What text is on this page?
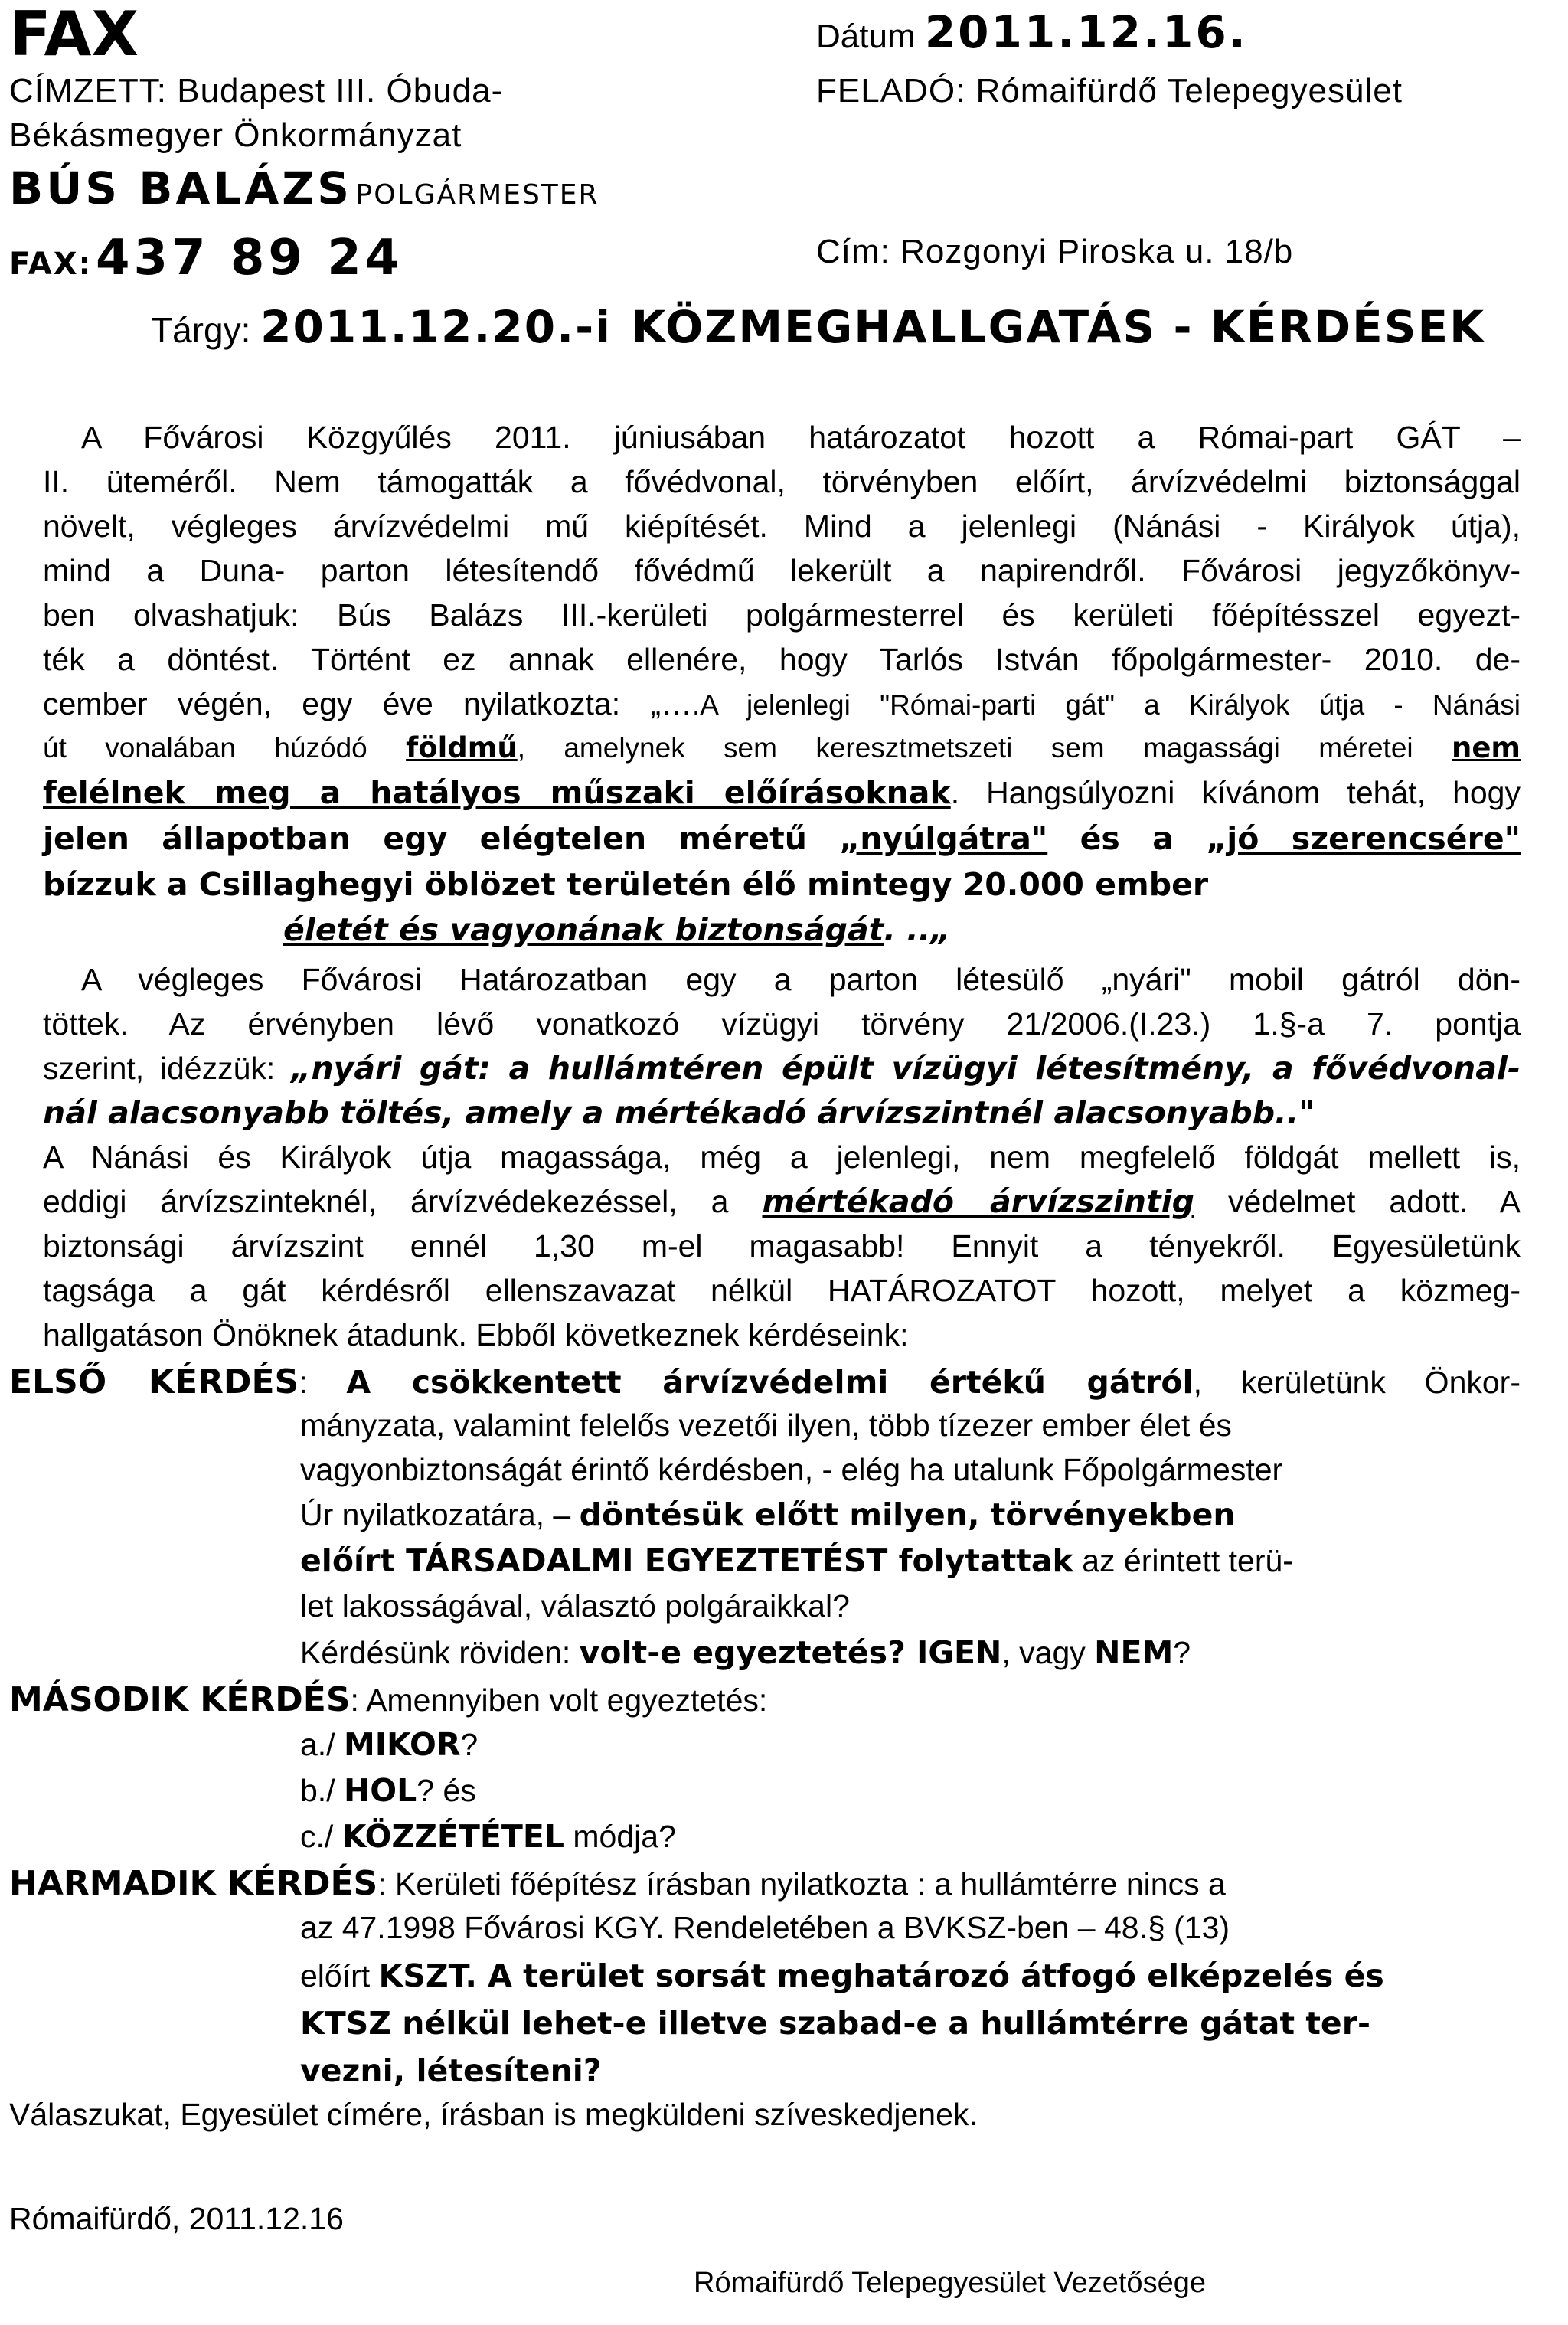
FAX	Dátum 2011.12.16.
CÍMZETT: Budapest III. Óbuda-	FELADÓ: Rómaifürdő Telepegyesület
Békásmegyer Önkormányzat
BÚS BALÁZS POLGÁRMESTER
FAX: 437 89 24	Cím: Rozgonyi Piroska u. 18/b
Tárgy: 2011.12.20.-i KÖZMEGHALLGATÁS - KÉRDÉSEK
A Fővárosi Közgyűlés 2011. júniusában határozatot hozott a Római-part GÁT –
II. üteméről. Nem támogatták a fővédvonal, törvényben előírt, árvízvédelmi biztonsággal
növelt, végleges árvízvédelmi mű kiépítését. Mind a jelenlegi (Nánási - Királyok útja),
mind a Duna- parton létesítendő fővédmű lekerült a napirendről. Fővárosi jegyzőkönyv-
ben olvashatjuk: Bús Balázs III.-kerületi polgármesterrel és kerületi főépítésszel egyezt-
ték a döntést. Történt ez annak ellenére, hogy Tarlós István főpolgármester- 2010. de-
cember végén, egy éve nyilatkozta: „….A jelenlegi "Római-parti gát" a Királyok útja - Nánási
út vonalában húzódó földmű, amelynek sem keresztmetszeti sem magassági méretei nem
felélnek meg a hatályos műszaki előírásoknak. Hangsúlyozni kívánom tehát, hogy
jelen állapotban egy elégtelen méretű „nyúlgátra" és a „jó szerencsére"
bízzuk a Csillaghegyi öblözet területén élő mintegy 20.000 ember
életét és vagyonának biztonságát. ..„
A végleges Fővárosi Határozatban egy a parton létesülő „nyári" mobil gátról dön-
töttek. Az érvényben lévő vonatkozó vízügyi törvény 21/2006.(I.23.) 1.§-a 7. pontja
szerint, idézzük: „nyári gát: a hullámtéren épült vízügyi létesítmény, a fővédvonal-
nál alacsonyabb töltés, amely a mértékadó árvízszintnél alacsonyabb.."
A Nánási és Királyok útja magassága, még a jelenlegi, nem megfelelő földgát mellett is,
eddigi árvízszinteknél, árvízvédekezéssel, a mértékadó árvízszintig védelmet adott. A
biztonsági árvízszint ennél 1,30 m-el magasabb! Ennyit a tényekről. Egyesületünk
tagsága a gát kérdésről ellenszavazat nélkül HATÁROZATOT hozott, melyet a közmeg-
hallgatáson Önöknek átadunk. Ebből következnek kérdéseink:
ELSŐ KÉRDÉS: A csökkentett árvízvédelmi értékű gátról, kerületünk Önkor-
mányzata, valamint felelős vezetői ilyen, több tízezer ember élet és
vagyonbiztonságát érintő kérdésben, - elég ha utalunk Főpolgármester
Úr nyilatkozatára, – döntésük előtt milyen, törvényekben
előírt TÁRSADALMI EGYEZTETÉST folytattak az érintett terü-
let lakosságával, választó polgáraikkal?
Kérdésünk röviden: volt-e egyeztetés? IGEN, vagy NEM?
MÁSODIK KÉRDÉS: Amennyiben volt egyeztetés:
a./ MIKOR?
b./ HOL? és
c./ KÖZZÉTÉTEL módja?
HARMADIK KÉRDÉS: Kerületi főépítész írásban nyilatkozta : a hullámtérre nincs a
az 47.1998 Fővárosi KGY. Rendeletében a BVKSZ-ben – 48.§ (13)
előírt KSZT. A terület sorsát meghatározó átfogó elképzelés és
KTSZ nélkül lehet-e illetve szabad-e a hullámtérre gátat ter-
vezni, létesíteni?
Válaszukat, Egyesület címére, írásban is megküldeni szíveskedjenek.
Rómaifürdő, 2011.12.16
Rómaifürdő Telepegyesület Vezetősége
